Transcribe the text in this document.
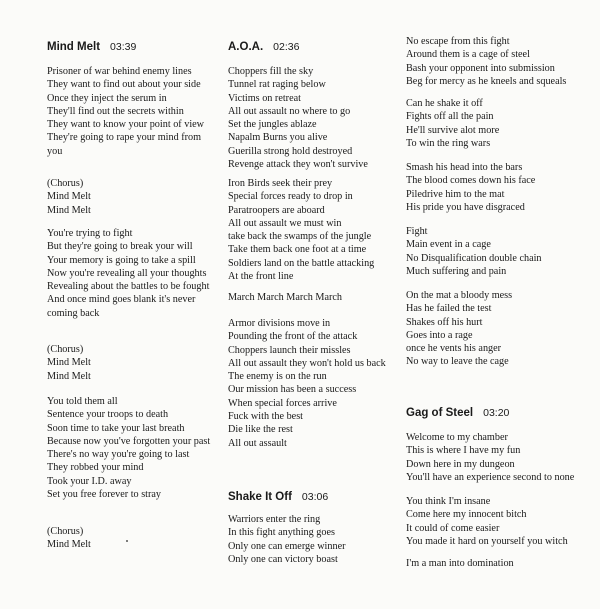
Mind Melt 03:39
Prisoner of war behind enemy lines
They want to find out about your side
Once they inject the serum in
They'll find out the secrets within
They want to know your point of view
They're going to rape your mind from
you
(Chorus)
Mind Melt
Mind Melt
You're trying to fight
But they're going to break your will
Your memory is going to take a spill
Now you're revealing all your thoughts
Revealing about the battles to be fought
And once mind goes blank it's never
coming back
(Chorus)
Mind Melt
Mind Melt
You told them all
Sentence your troops to death
Soon time to take your last breath
Because now you've forgotten your past
There's no way you're going to last
They robbed your mind
Took your I.D. away
Set you free forever to stray
(Chorus)
Mind Melt
A.O.A. 02:36
Choppers fill the sky
Tunnel rat raging below
Victims on retreat
All out assault no where to go
Set the jungles ablaze
Napalm Burns you alive
Guerilla strong hold destroyed
Revenge attack they won't survive
Iron Birds seek their prey
Special forces ready to drop in
Paratroopers are aboard
All out assault we must win
take back the swamps of the jungle
Take them back one foot at a time
Soldiers land on the battle attacking
At the front line
March March March March
Armor divisions move in
Pounding the front of the attack
Choppers launch their missles
All out assault they won't hold us back
The enemy is on the run
Our mission has been a success
When special forces arrive
Fuck with the best
Die like the rest
All out assault
Shake It Off 03:06
Warriors enter the ring
In this fight anything goes
Only one can emerge winner
Only one can victory boast
No escape from this fight
Around them is a cage of steel
Bash your opponent into submission
Beg for mercy as he kneels and squeals
Can he shake it off
Fights off all the pain
He'll survive alot more
To win the ring wars
Smash his head into the bars
The blood comes down his face
Piledrive him to the mat
His pride you have disgraced
Fight
Main event in a cage
No Disqualification double chain
Much suffering and pain
On the mat a bloody mess
Has he failed the test
Shakes off his hurt
Goes into a rage
once he vents his anger
No way to leave the cage
Gag of Steel 03:20
Welcome to my chamber
This is where I have my fun
Down here in my dungeon
You'll have an experience second to none
You think I'm insane
Come here my innocent bitch
It could of come easier
You made it hard on yourself you witch
I'm a man into domination
